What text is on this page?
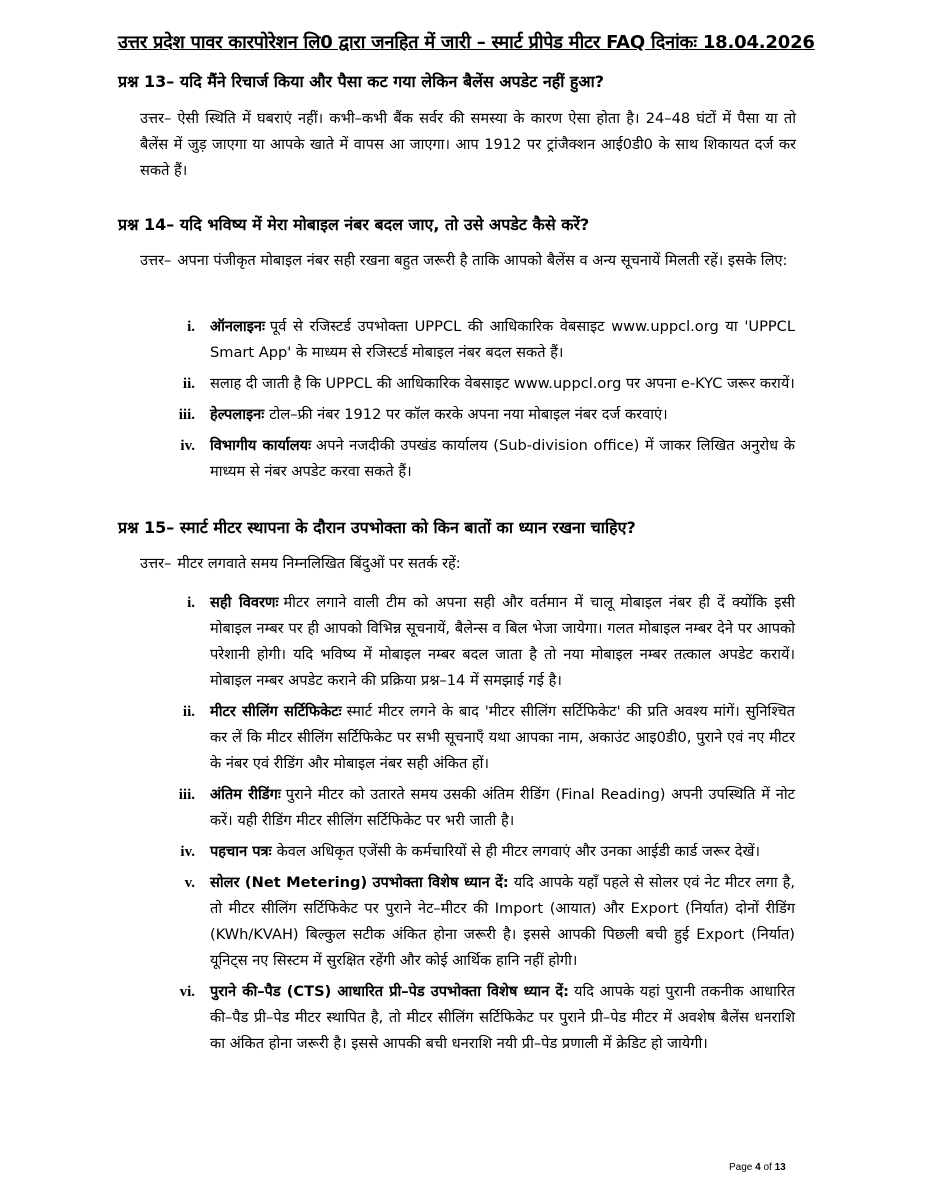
उत्तर प्रदेश पावर कारपोरेशन लि0 द्वारा जनहित में जारी – स्मार्ट प्रीपेड मीटर FAQ दिनांकः 18.04.2026
प्रश्न 13– यदि मैंने रिचार्ज किया और पैसा कट गया लेकिन बैलेंस अपडेट नहीं हुआ?
उत्तर– ऐसी स्थिति में घबराएं नहीं। कभी–कभी बैंक सर्वर की समस्या के कारण ऐसा होता है। 24–48 घंटों में पैसा या तो बैलेंस में जुड़ जाएगा या आपके खाते में वापस आ जाएगा। आप 1912 पर ट्रांजैक्शन आई0डी0 के साथ शिकायत दर्ज कर सकते हैं।
प्रश्न 14– यदि भविष्य में मेरा मोबाइल नंबर बदल जाए, तो उसे अपडेट कैसे करें?
उत्तर– अपना पंजीकृत मोबाइल नंबर सही रखना बहुत जरूरी है ताकि आपको बैलेंस व अन्य सूचनायें मिलती रहें। इसके लिए:
i. ऑनलाइनः पूर्व से रजिस्टर्ड उपभोक्ता UPPCL की आधिकारिक वेबसाइट www.uppcl.org या 'UPPCL Smart App' के माध्यम से रजिस्टर्ड मोबाइल नंबर बदल सकते हैं।
ii. सलाह दी जाती है कि UPPCL की आधिकारिक वेबसाइट www.uppcl.org पर अपना e-KYC जरूर करायें।
iii. हेल्पलाइनः टोल–फ्री नंबर 1912 पर कॉल करके अपना नया मोबाइल नंबर दर्ज करवाएं।
iv. विभागीय कार्यालयः अपने नजदीकी उपखंड कार्यालय (Sub-division office) में जाकर लिखित अनुरोध के माध्यम से नंबर अपडेट करवा सकते हैं।
प्रश्न 15– स्मार्ट मीटर स्थापना के दौरान उपभोक्ता को किन बातों का ध्यान रखना चाहिए?
उत्तर– मीटर लगवाते समय निम्नलिखित बिंदुओं पर सतर्क रहें:
i. सही विवरणः मीटर लगाने वाली टीम को अपना सही और वर्तमान में चालू मोबाइल नंबर ही दें क्योंकि इसी मोबाइल नम्बर पर ही आपको विभिन्न सूचनायें, बैलेन्स व बिल भेजा जायेगा। गलत मोबाइल नम्बर देने पर आपको परेशानी होगी। यदि भविष्य में मोबाइल नम्बर बदल जाता है तो नया मोबाइल नम्बर तत्काल अपडेट करायें। मोबाइल नम्बर अपडेट कराने की प्रक्रिया प्रश्न–14 में समझाई गई है।
ii. मीटर सीलिंग सर्टिफिकेटः स्मार्ट मीटर लगने के बाद 'मीटर सीलिंग सर्टिफिकेट' की प्रति अवश्य मांगें। सुनिश्चित कर लें कि मीटर सीलिंग सर्टिफिकेट पर सभी सूचनाएँ यथा आपका नाम, अकाउंट आइ0डी0, पुराने एवं नए मीटर के नंबर एवं रीडिंग और मोबाइल नंबर सही अंकित हों।
iii. अंतिम रीडिंगः पुराने मीटर को उतारते समय उसकी अंतिम रीडिंग (Final Reading) अपनी उपस्थिति में नोट करें। यही रीडिंग मीटर सीलिंग सर्टिफिकेट पर भरी जाती है।
iv. पहचान पत्रः केवल अधिकृत एजेंसी के कर्मचारियों से ही मीटर लगवाएं और उनका आईडी कार्ड जरूर देखें।
v. सोलर (Net Metering) उपभोक्ता विशेष ध्यान दें: यदि आपके यहाँ पहले से सोलर एवं नेट मीटर लगा है, तो मीटर सीलिंग सर्टिफिकेट पर पुराने नेट–मीटर की Import (आयात) और Export (निर्यात) दोनों रीडिंग (KWh/KVAH) बिल्कुल सटीक अंकित होना जरूरी है। इससे आपकी पिछली बची हुई Export (निर्यात) यूनिट्स नए सिस्टम में सुरक्षित रहेंगी और कोई आर्थिक हानि नहीं होगी।
vi. पुराने की–पैड (CTS) आधारित प्री–पेड उपभोक्ता विशेष ध्यान दें: यदि आपके यहां पुरानी तकनीक आधारित की–पैड प्री–पेड मीटर स्थापित है, तो मीटर सीलिंग सर्टिफिकेट पर पुराने प्री–पेड मीटर में अवशेष बैलेंस धनराशि का अंकित होना जरूरी है। इससे आपकी बची धनराशि नयी प्री–पेड प्रणाली में क्रेडिट हो जायेगी।
Page 4 of 13
